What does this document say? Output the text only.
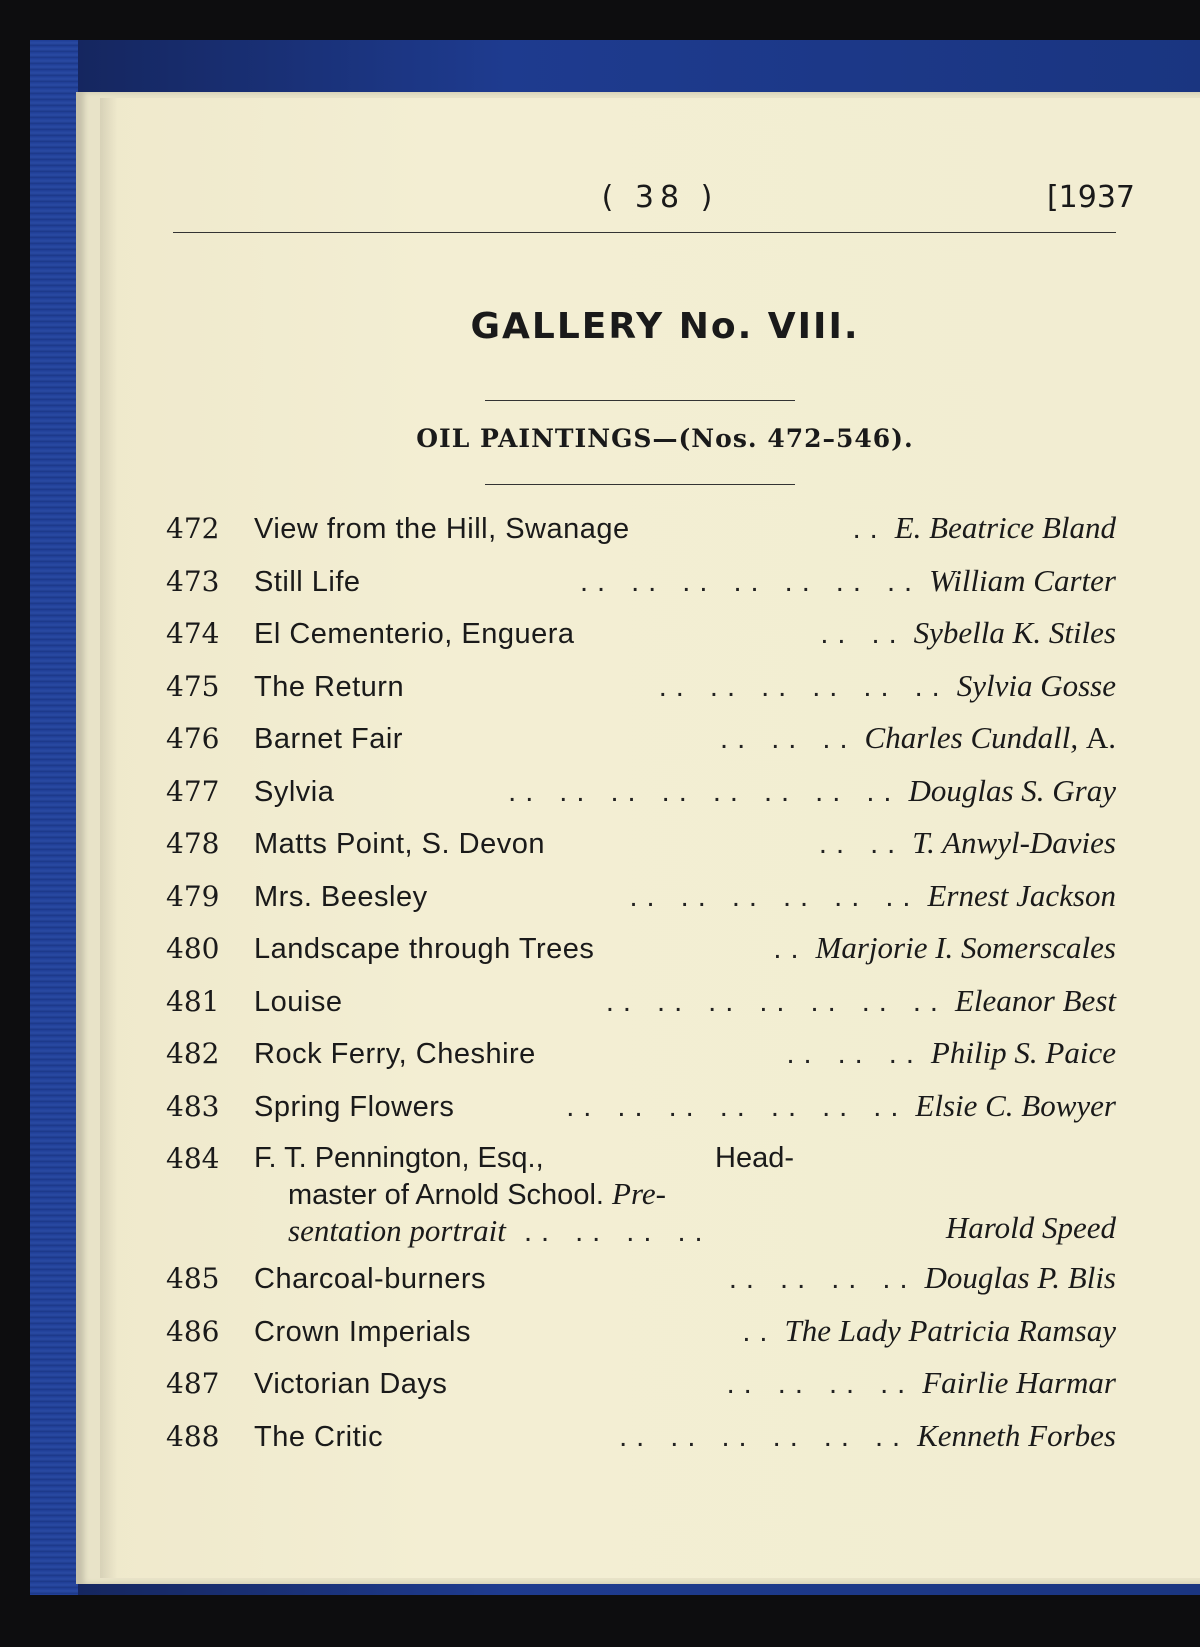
( 38 )	[1937
GALLERY No. VIII.
OIL PAINTINGS—(Nos. 472–546).
472	View from the Hill, Swanage	.. E. Beatrice Bland
473	Still Life	.. .. .. .. .. .. .. William Carter
474	El Cementerio, Enguera	.. .. Sybella K. Stiles
475	The Return	.. .. .. .. .. .. Sylvia Gosse
476	Barnet Fair	.. .. .. Charles Cundall, A.
477	Sylvia	.. .. .. .. .. .. .. .. Douglas S. Gray
478	Matts Point, S. Devon	.. .. T. Anwyl-Davies
479	Mrs. Beesley	.. .. .. .. .. .. Ernest Jackson
480	Landscape through Trees	.. Marjorie I. Somerscales
481	Louise	.. .. .. .. .. .. .. Eleanor Best
482	Rock Ferry, Cheshire	.. .. .. Philip S. Paice
483	Spring Flowers	.. .. .. .. .. .. .. Elsie C. Bowyer
484	F. T. Pennington, Esq.,	Head-
master of Arnold School. Pre-
sentation portrait .. .. .. ..	Harold Speed
485	Charcoal-burners	.. .. .. .. Douglas P. Blis
486	Crown Imperials	.. The Lady Patricia Ramsay
487	Victorian Days	.. .. .. .. Fairlie Harmar
488	The Critic	.. .. .. .. .. .. Kenneth Forbes
